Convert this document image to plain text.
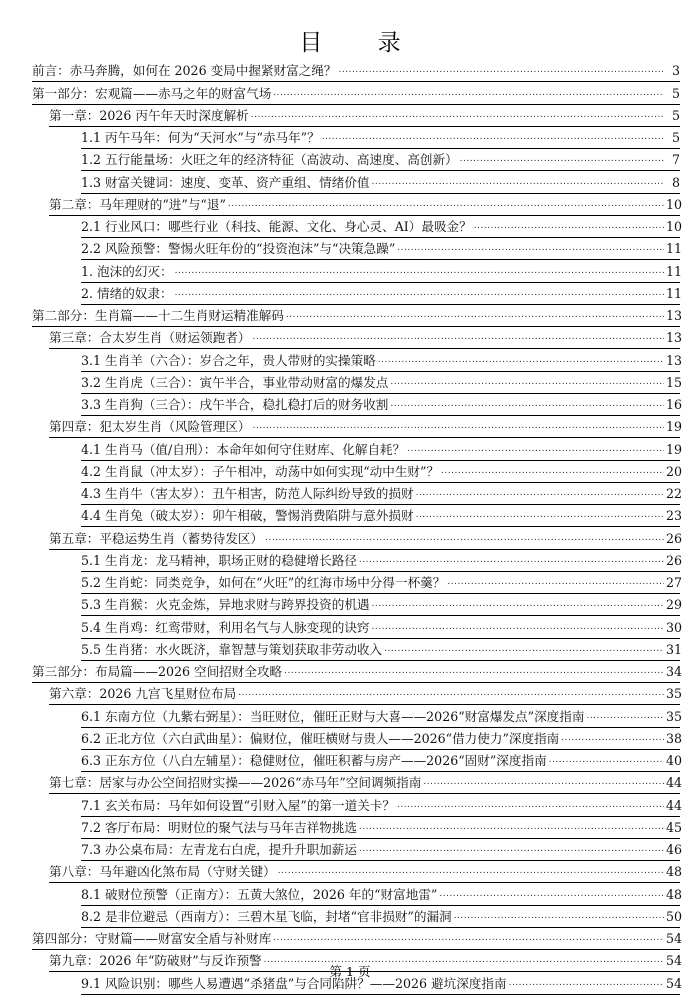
目 录
前言：赤马奔腾，如何在 2026 变局中握紧财富之绳？ .....	3
第一部分：宏观篇——赤马之年的财富气场 .....	5
第一章：2026 丙午年天时深度解析 .....	5
1.1 丙午马年：何为“天河水”与“赤马年”？ .....	5
1.2 五行能量场：火旺之年的经济特征（高波动、高速度、高创新） .....	7
1.3 财富关键词：速度、变革、资产重组、情绪价值 .....	8
第二章：马年理财的“进”与“退” .....	10
2.1 行业风口：哪些行业（科技、能源、文化、身心灵、AI）最吸金？ .....	10
2.2 风险预警：警惕火旺年份的“投资泡沫”与“决策急躁” .....	11
1. 泡沫的幻灭： .....	11
2. 情绪的奴隶： .....	11
第二部分：生肖篇——十二生肖财运精准解码 .....	13
第三章：合太岁生肖（财运领跑者） .....	13
3.1 生肖羊（六合）：岁合之年，贵人带财的实操策略 .....	13
3.2 生肖虎（三合）：寅午半合，事业带动财富的爆发点 .....	15
3.3 生肖狗（三合）：戌午半合，稳扎稳打后的财务收割 .....	16
第四章：犯太岁生肖（风险管理区） .....	19
4.1 生肖马（值/自刑）：本命年如何守住财库、化解自耗？ .....	19
4.2 生肖鼠（冲太岁）：子午相冲，动荡中如何实现“动中生财”？ .....	20
4.3 生肖牛（害太岁）：丑午相害，防范人际纠纷导致的损财 .....	22
4.4 生肖兔（破太岁）：卯午相破，警惕消费陷阱与意外损财 .....	23
第五章：平稳运势生肖（蓄势待发区） .....	26
5.1 生肖龙：龙马精神，职场正财的稳健增长路径 .....	26
5.2 生肖蛇：同类竞争，如何在“火旺”的红海市场中分得一杯羹？ .....	27
5.3 生肖猴：火克金炼，异地求财与跨界投资的机遇 .....	29
5.4 生肖鸡：红鸾带财，利用名气与人脉变现的诀窍 .....	30
5.5 生肖猪：水火既济，靠智慧与策划获取非劳动收入 .....	31
第三部分：布局篇——2026 空间招财全攻略 .....	34
第六章：2026 九宫飞星财位布局 .....	35
6.1 东南方位（九紫右弼星）：当旺财位，催旺正财与大喜——2026“财富爆发点”深度指南 .....	35
6.2 正北方位（六白武曲星）：偏财位，催旺横财与贵人——2026“借力使力”深度指南 .....	38
6.3 正东方位（八白左辅星）：稳健财位，催旺积蓄与房产——2026“固财”深度指南 .....	40
第七章：居家与办公空间招财实操——2026“赤马年”空间调频指南 .....	44
7.1 玄关布局：马年如何设置“引财入屋”的第一道关卡？ .....	44
7.2 客厅布局：明财位的聚气法与马年吉祥物挑选 .....	45
7.3 办公桌布局：左青龙右白虎，提升升职加薪运 .....	46
第八章：马年避凶化煞布局（守财关键） .....	48
8.1 破财位预警（正南方）：五黄大煞位，2026 年的“财富地雷” .....	48
8.2 是非位避忌（西南方）：三碧木星飞临，封堵“官非损财”的漏洞 .....	50
第四部分：守财篇——财富安全盾与补财库 .....	54
第九章：2026 年“防破财”与反诈预警 .....	54
9.1 风险识别：哪些人易遭遇“杀猪盘”与合同陷阱？——2026 避坑深度指南 .....	54
第 1 页
